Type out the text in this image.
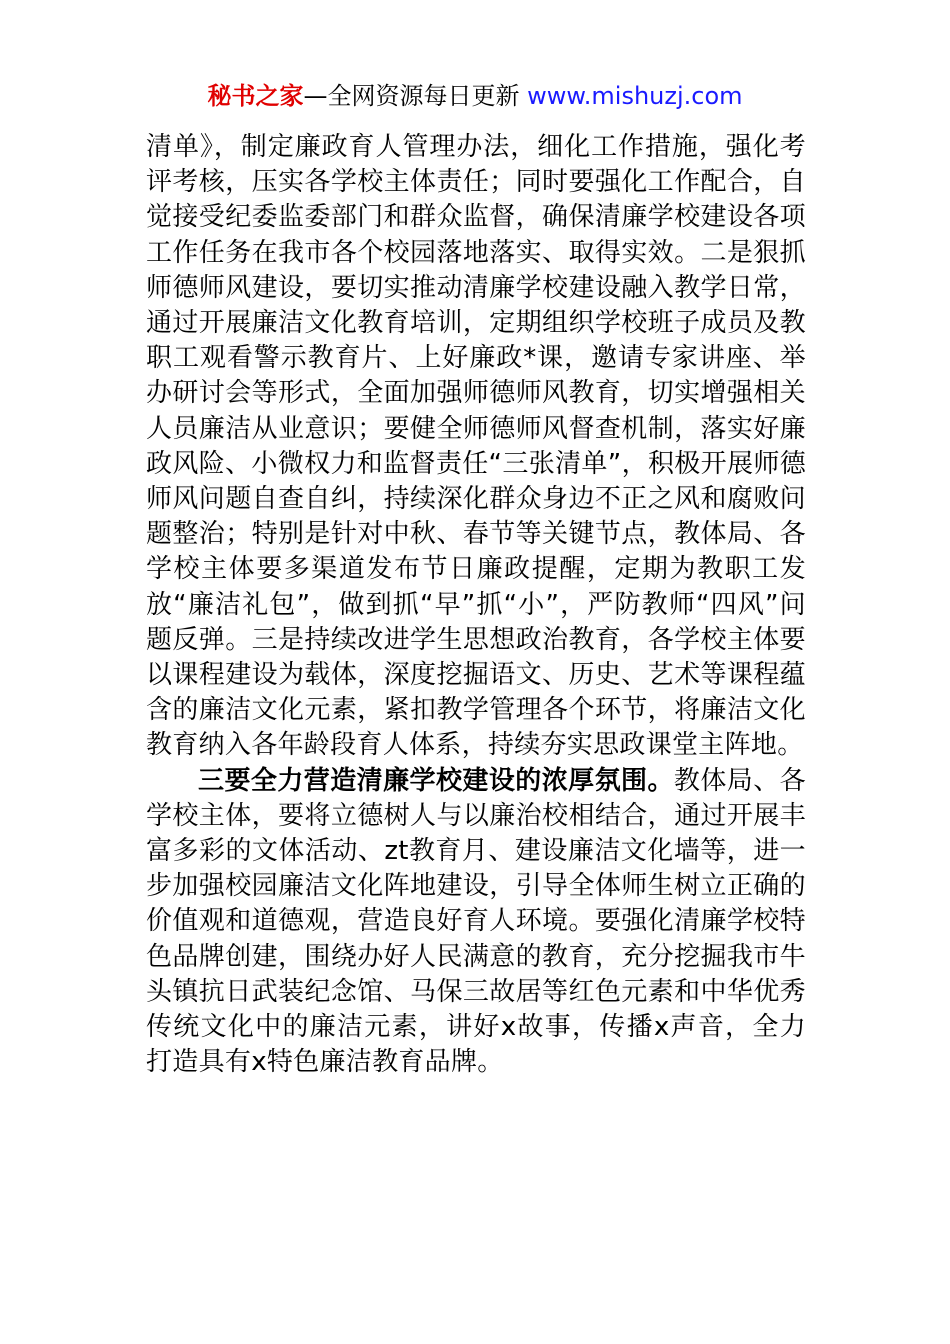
秘书之家—全网资源每日更新 www.mishuzj.com

清单》，制定廉政育人管理办法，细化工作措施，强化考评考核，压实各学校主体责任；同时要强化工作配合，自觉接受纪委监委部门和群众监督，确保清廉学校建设各项工作任务在我市各个校园落地落实、取得实效。二是狠抓师德师风建设，要切实推动清廉学校建设融入教学日常，通过开展廉洁文化教育培训，定期组织学校班子成员及教职工观看警示教育片、上好廉政*课，邀请专家讲座、举办研讨会等形式，全面加强师德师风教育，切实增强相关人员廉洁从业意识；要健全师德师风督查机制，落实好廉政风险、小微权力和监督责任“三张清单”，积极开展师德师风问题自查自纠，持续深化群众身边不正之风和腐败问题整治；特别是针对中秋、春节等关键节点，教体局、各学校主体要多渠道发布节日廉政提醒，定期为教职工发放“廉洁礼包”，做到抓“早”抓“小”，严防教师“四风”问题反弹。三是持续改进学生思想政治教育，各学校主体要以课程建设为载体，深度挖掘语文、历史、艺术等课程蕴含的廉洁文化元素，紧扣教学管理各个环节，将廉洁文化教育纳入各年龄段育人体系，持续夯实思政课堂主阵地。

三要全力营造清廉学校建设的浓厚氛围。教体局、各学校主体，要将立德树人与以廉治校相结合，通过开展丰富多彩的文体活动、zt教育月、建设廉洁文化墙等，进一步加强校园廉洁文化阵地建设，引导全体师生树立正确的价值观和道德观，营造良好育人环境。要强化清廉学校特色品牌创建，围绕办好人民满意的教育，充分挖掘我市牛头镇抗日武装纪念馆、马保三故居等红色元素和中华优秀传统文化中的廉洁元素，讲好x故事，传播x声音，全力打造具有x特色廉洁教育品牌。
